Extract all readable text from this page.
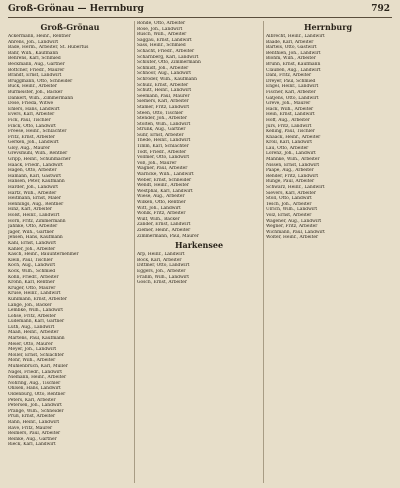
Groß-Grönau — Herrnburg	792
Groß-Grönau
Ackermann, Heinr., Rentner
Ahrens, Joh., Landwirt
Bade, Herm., Arbeiter, St. Hubertus
Bahr, Wilh., Kaufmann
Behrens, Karl, Schmied
Beckmann, Aug., Gärtner
Böttcher, Friedr., Maurer
Brandt, Ernst, Landwirt
Brüggmann, Otto, Schneider
Buck, Heinr., Arbeiter
Burmeister, Joh., Bäcker
Dankert, Wilh., Zimmermann
Dose, Frieda, Witwe
Ehlers, Hans, Landwirt
Evers, Karl, Arbeiter
Fick, Paul, Tischler
Finck, Otto, Landwirt
Freese, Heinr., Schlachter
Fritz, Ernst, Arbeiter
Gerken, Joh., Landwirt
Gloy, Aug., Maurer
Grevsmühl, Wilh., Rentner
Gripp, Heinr., Schuhmacher
Haack, Friedr., Landwirt
Hagen, Otto, Arbeiter
Hamann, Karl, Gastwirt
Hansen, Peter, Kaufmann
Harder, Joh., Landwirt
Hartz, Wilh., Arbeiter
Heitmann, Ernst, Maler
Hennings, Aug., Rentner
Hinz, Karl, Arbeiter
Holst, Heinr., Landwirt
Horn, Fritz, Zimmermann
Jahnke, Otto, Arbeiter
Jäger, Wilh., Gärtner
Jensen, Hans, Kaufmann
Kahl, Ernst, Landwirt
Kähler, Joh., Arbeiter
Kasch, Heinr., Bauunternehmer
Klein, Paul, Tischler
Koch, Aug., Landwirt
Kock, Wilh., Schmied
Köhn, Friedr., Arbeiter
Krohn, Karl, Rentner
Krüger, Otto, Maurer
Kruse, Heinr., Landwirt
Kuhlmann, Ernst, Arbeiter
Lange, Joh., Bäcker
Lembke, Wilh., Landwirt
Lohse, Fritz, Arbeiter
Lüdemann, Karl, Gärtner
Lüth, Aug., Landwirt
Maaß, Heinr., Arbeiter
Martens, Paul, Kaufmann
Meier, Otto, Maurer
Meyer, Joh., Landwirt
Möller, Ernst, Schlachter
Mohr, Wilh., Arbeiter
Mühlenbruch, Karl, Müller
Nagel, Friedr., Landwirt
Niemann, Heinr., Arbeiter
Nöhring, Aug., Tischler
Ohlsen, Hans, Landwirt
Oldenburg, Otto, Rentner
Peters, Karl, Arbeiter
Petersen, Joh., Landwirt
Prange, Wilh., Schneider
Prüß, Ernst, Arbeiter
Rahn, Heinr., Landwirt
Rave, Fritz, Maurer
Reimers, Paul, Arbeiter
Reinke, Aug., Gärtner
Rieck, Karl, Landwirt
Rohde, Otto, Arbeiter
Rose, Joh., Landwirt
Rüsch, Wilh., Arbeiter
Saggau, Ernst, Landwirt
Sass, Heinr., Schmied
Schacht, Friedr., Arbeiter
Scharnberg, Karl, Landwirt
Schlüter, Otto, Zimmermann
Schmidt, Joh., Arbeiter
Schnoor, Aug., Landwirt
Schröder, Wilh., Kaufmann
Schulz, Ernst, Arbeiter
Schütt, Heinr., Landwirt
Seemann, Paul, Maurer
Siemers, Karl, Arbeiter
Stamer, Fritz, Landwirt
Steen, Otto, Tischler
Stender, Joh., Arbeiter
Stolten, Wilh., Landwirt
Strunk, Aug., Gärtner
Suhr, Ernst, Arbeiter
Thede, Heinr., Landwirt
Timm, Karl, Schlachter
Tödt, Friedr., Arbeiter
Vollmer, Otto, Landwirt
Voß, Joh., Maurer
Wagner, Paul, Arbeiter
Warncke, Wilh., Landwirt
Weber, Ernst, Schneider
Wendt, Heinr., Arbeiter
Westphal, Karl, Landwirt
Wiese, Aug., Arbeiter
Wilken, Otto, Rentner
Witt, Joh., Landwirt
Wöhlk, Fritz, Arbeiter
Wulf, Wilh., Bäcker
Zander, Ernst, Landwirt
Ziemer, Heinr., Arbeiter
Zimmermann, Paul, Maurer
Harkensee
Arp, Heinr., Landwirt
Bock, Karl, Arbeiter
Dittmer, Otto, Landwirt
Eggers, Joh., Arbeiter
Frahm, Wilh., Landwirt
Gosch, Ernst, Arbeiter
Herrnburg
Albrecht, Heinr., Landwirt
Baade, Karl, Arbeiter
Bartels, Otto, Gastwirt
Benthien, Joh., Landwirt
Blohm, Wilh., Arbeiter
Bruhn, Ernst, Kaufmann
Claußen, Aug., Landwirt
Dahl, Fritz, Arbeiter
Dreyer, Paul, Schmied
Engel, Heinr., Landwirt
Fischer, Karl, Arbeiter
Gätjens, Otto, Landwirt
Greve, Joh., Maurer
Hack, Wilh., Arbeiter
Hein, Ernst, Landwirt
Hoff, Aug., Arbeiter
Jürs, Fritz, Landwirt
Kelling, Paul, Tischler
Knaack, Heinr., Arbeiter
Kroll, Karl, Landwirt
Lau, Otto, Arbeiter
Lorenz, Joh., Landwirt
Mahnke, Wilh., Arbeiter
Nissen, Ernst, Landwirt
Paape, Aug., Arbeiter
Rehder, Fritz, Landwirt
Runge, Paul, Arbeiter
Schwarz, Heinr., Landwirt
Sievers, Karl, Arbeiter
Stoll, Otto, Landwirt
Tesch, Joh., Arbeiter
Ulrich, Wilh., Landwirt
Völz, Ernst, Arbeiter
Wagener, Aug., Landwirt
Wegner, Fritz, Arbeiter
Wichmann, Paul, Landwirt
Wolter, Heinr., Arbeiter
